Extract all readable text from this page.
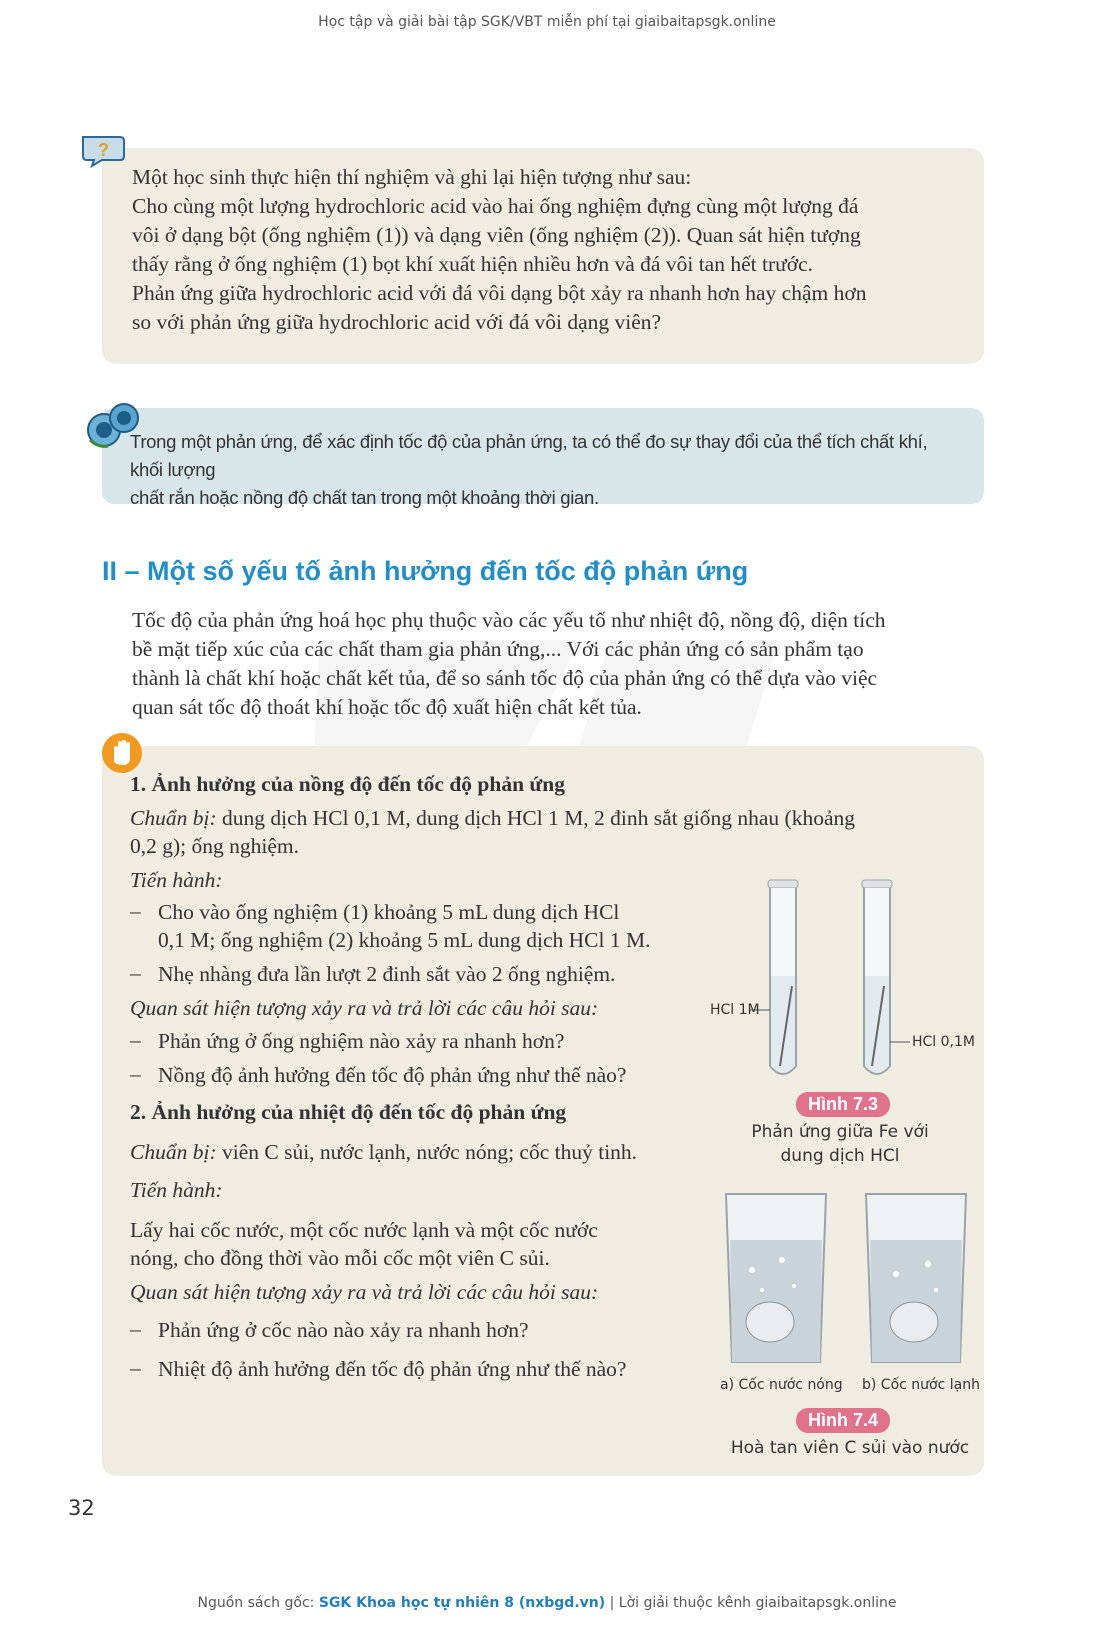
Học tập và giải bài tập SGK/VBT miễn phí tại giaibaitapsgk.online
Một học sinh thực hiện thí nghiệm và ghi lại hiện tượng như sau:
Cho cùng một lượng hydrochloric acid vào hai ống nghiệm đựng cùng một lượng đá
vôi ở dạng bột (ống nghiệm (1)) và dạng viên (ống nghiệm (2)). Quan sát hiện tượng
thấy rằng ở ống nghiệm (1) bọt khí xuất hiện nhiều hơn và đá vôi tan hết trước.
Phản ứng giữa hydrochloric acid với đá vôi dạng bột xảy ra nhanh hơn hay chậm hơn
so với phản ứng giữa hydrochloric acid với đá vôi dạng viên?
?
Trong một phản ứng, để xác định tốc độ của phản ứng, ta có thể đo sự thay đổi của thể tích chất khí, khối lượng
chất rắn hoặc nồng độ chất tan trong một khoảng thời gian.
II – Một số yếu tố ảnh hưởng đến tốc độ phản ứng
Tốc độ của phản ứng hoá học phụ thuộc vào các yếu tố như nhiệt độ, nồng độ, diện tích
bề mặt tiếp xúc của các chất tham gia phản ứng,... Với các phản ứng có sản phẩm tạo
thành là chất khí hoặc chất kết tủa, để so sánh tốc độ của phản ứng có thể dựa vào việc
quan sát tốc độ thoát khí hoặc tốc độ xuất hiện chất kết tủa.
1. Ảnh hưởng của nồng độ đến tốc độ phản ứng
Chuẩn bị: dung dịch HCl 0,1 M, dung dịch HCl 1 M, 2 đinh sắt giống nhau (khoảng
0,2 g); ống nghiệm.
Tiến hành:
– Cho vào ống nghiệm (1) khoảng 5 mL dung dịch HCl
0,1 M; ống nghiệm (2) khoảng 5 mL dung dịch HCl 1 M.
– Nhẹ nhàng đưa lần lượt 2 đinh sắt vào 2 ống nghiệm.
Quan sát hiện tượng xảy ra và trả lời các câu hỏi sau:
– Phản ứng ở ống nghiệm nào xảy ra nhanh hơn?
– Nồng độ ảnh hưởng đến tốc độ phản ứng như thế nào?
2. Ảnh hưởng của nhiệt độ đến tốc độ phản ứng
Chuẩn bị: viên C sủi, nước lạnh, nước nóng; cốc thuỷ tinh.
Tiến hành:
Lấy hai cốc nước, một cốc nước lạnh và một cốc nước
nóng, cho đồng thời vào mỗi cốc một viên C sủi.
Quan sát hiện tượng xảy ra và trả lời các câu hỏi sau:
– Phản ứng ở cốc nào nào xảy ra nhanh hơn?
– Nhiệt độ ảnh hưởng đến tốc độ phản ứng như thế nào?
HCl 1M
HCl 0,1M
Hình 7.3
Phản ứng giữa Fe với
dung dịch HCl
a) Cốc nước nóng b) Cốc nước lạnh
Hình 7.4
Hoà tan viên C sủi vào nước
32
Nguồn sách gốc: SGK Khoa học tự nhiên 8 (nxbgd.vn) | Lời giải thuộc kênh giaibaitapsgk.online
